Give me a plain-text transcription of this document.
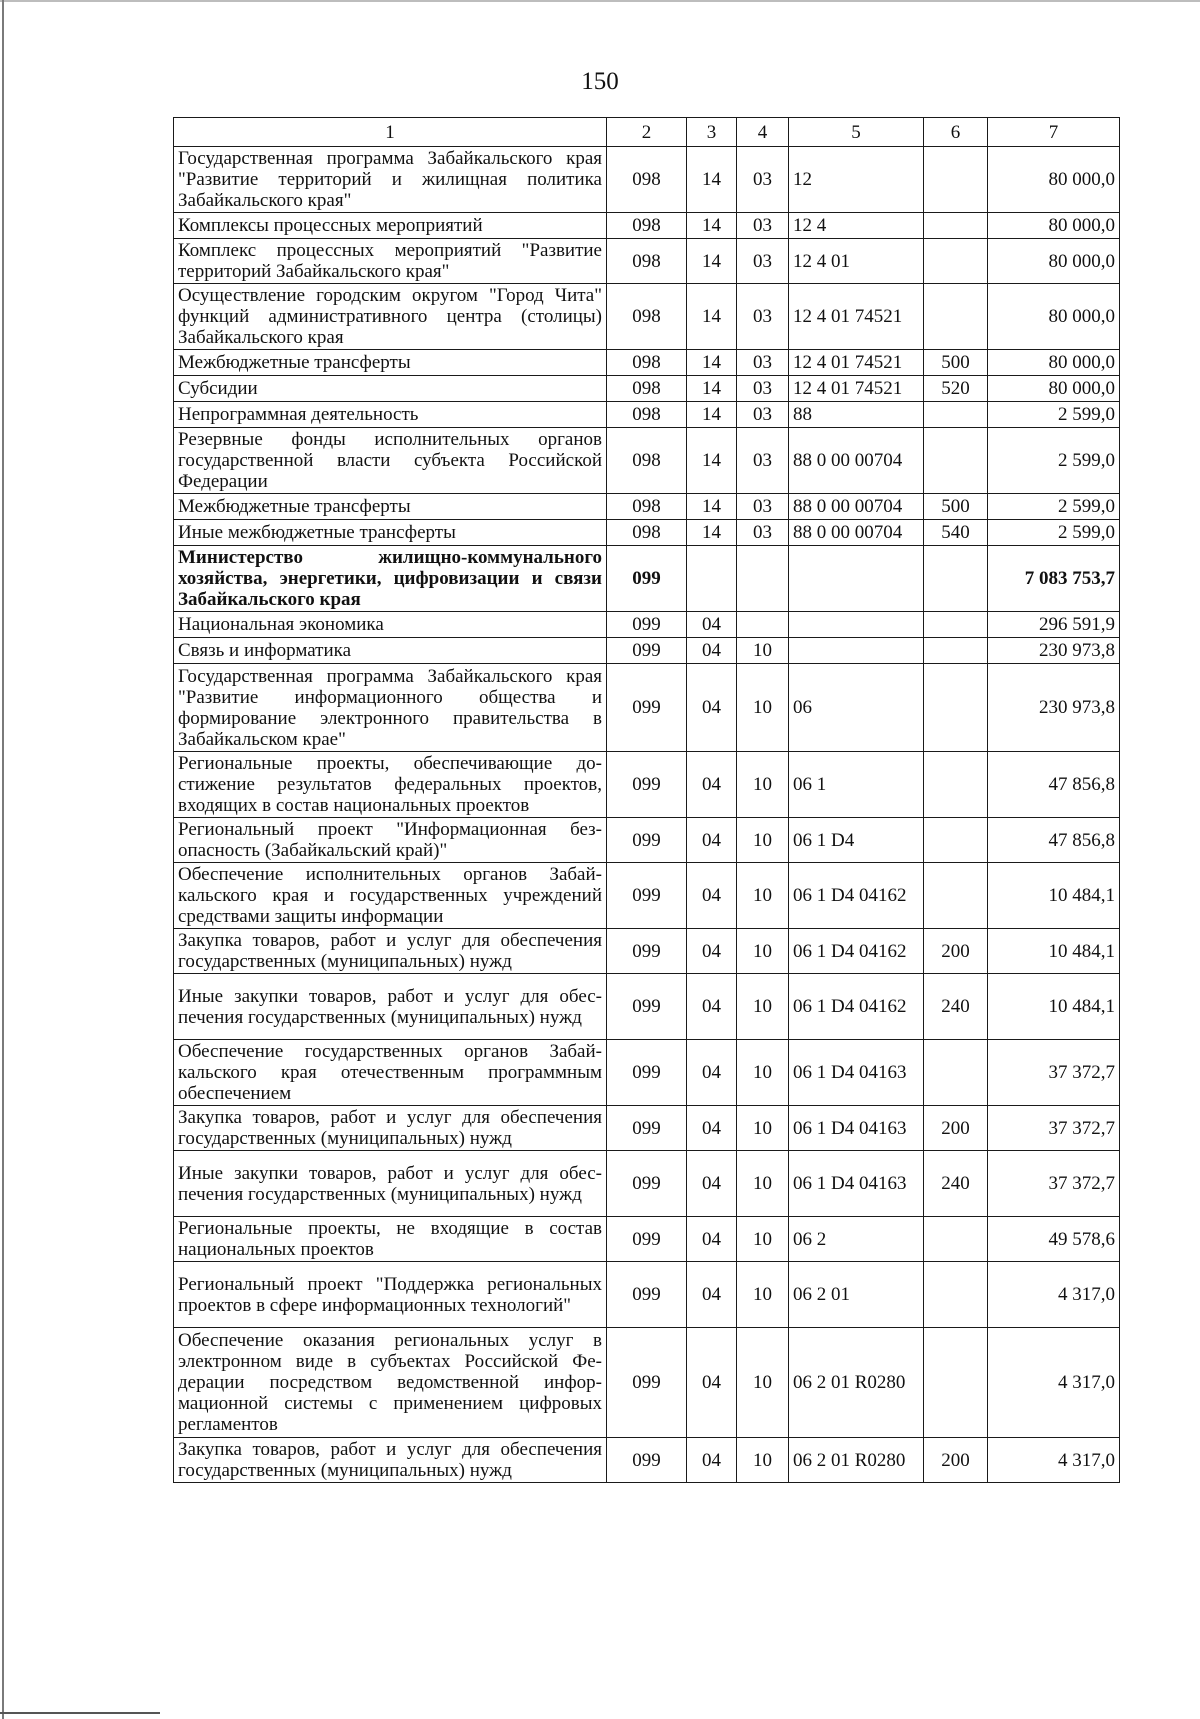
150
1	2	3	4	5	6	7
Государственная программа Забайкальского края "Развитие территорий и жилищная политика Забайкальского края"	098	14	03	12		80 000,0
Комплексы процессных мероприятий	098	14	03	12 4		80 000,0
Комплекс процессных мероприятий "Развитие территорий Забайкальского края"	098	14	03	12 4 01		80 000,0
Осуществление городским округом "Город Чита" функций административного центра (столицы) Забайкальского края	098	14	03	12 4 01 74521		80 000,0
Межбюджетные трансферты	098	14	03	12 4 01 74521	500	80 000,0
Субсидии	098	14	03	12 4 01 74521	520	80 000,0
Непрограммная деятельность	098	14	03	88		2 599,0
Резервные фонды исполнительных органов государственной власти субъекта Российской Федерации	098	14	03	88 0 00 00704		2 599,0
Межбюджетные трансферты	098	14	03	88 0 00 00704	500	2 599,0
Иные межбюджетные трансферты	098	14	03	88 0 00 00704	540	2 599,0
Министерство жилищно-коммунального хозяйства, энергетики, цифровизации и связи Забайкальского края	099					7 083 753,7
Национальная экономика	099	04				296 591,9
Связь и информатика	099	04	10			230 973,8
Государственная программа Забайкальского края "Развитие информационного общества и формирование электронного правительства в Забайкальском крае"	099	04	10	06		230 973,8
Региональные проекты, обеспечивающие достижение результатов федеральных проектов, входящих в состав национальных проектов	099	04	10	06 1		47 856,8
Региональный проект "Информационная безопасность (Забайкальский край)"	099	04	10	06 1 D4		47 856,8
Обеспечение исполнительных органов Забайкальского края и государственных учреждений средствами защиты информации	099	04	10	06 1 D4 04162		10 484,1
Закупка товаров, работ и услуг для обеспечения государственных (муниципальных) нужд	099	04	10	06 1 D4 04162	200	10 484,1
Иные закупки товаров, работ и услуг для обеспечения государственных (муниципальных) нужд	099	04	10	06 1 D4 04162	240	10 484,1
Обеспечение государственных органов Забайкальского края отечественным программным обеспечением	099	04	10	06 1 D4 04163		37 372,7
Закупка товаров, работ и услуг для обеспечения государственных (муниципальных) нужд	099	04	10	06 1 D4 04163	200	37 372,7
Иные закупки товаров, работ и услуг для обеспечения государственных (муниципальных) нужд	099	04	10	06 1 D4 04163	240	37 372,7
Региональные проекты, не входящие в состав национальных проектов	099	04	10	06 2		49 578,6
Региональный проект "Поддержка региональных проектов в сфере информационных технологий"	099	04	10	06 2 01		4 317,0
Обеспечение оказания региональных услуг в электронном виде в субъектах Российской Федерации посредством ведомственной информационной системы с применением цифровых регламентов	099	04	10	06 2 01 R0280		4 317,0
Закупка товаров, работ и услуг для обеспечения государственных (муниципальных) нужд	099	04	10	06 2 01 R0280	200	4 317,0
